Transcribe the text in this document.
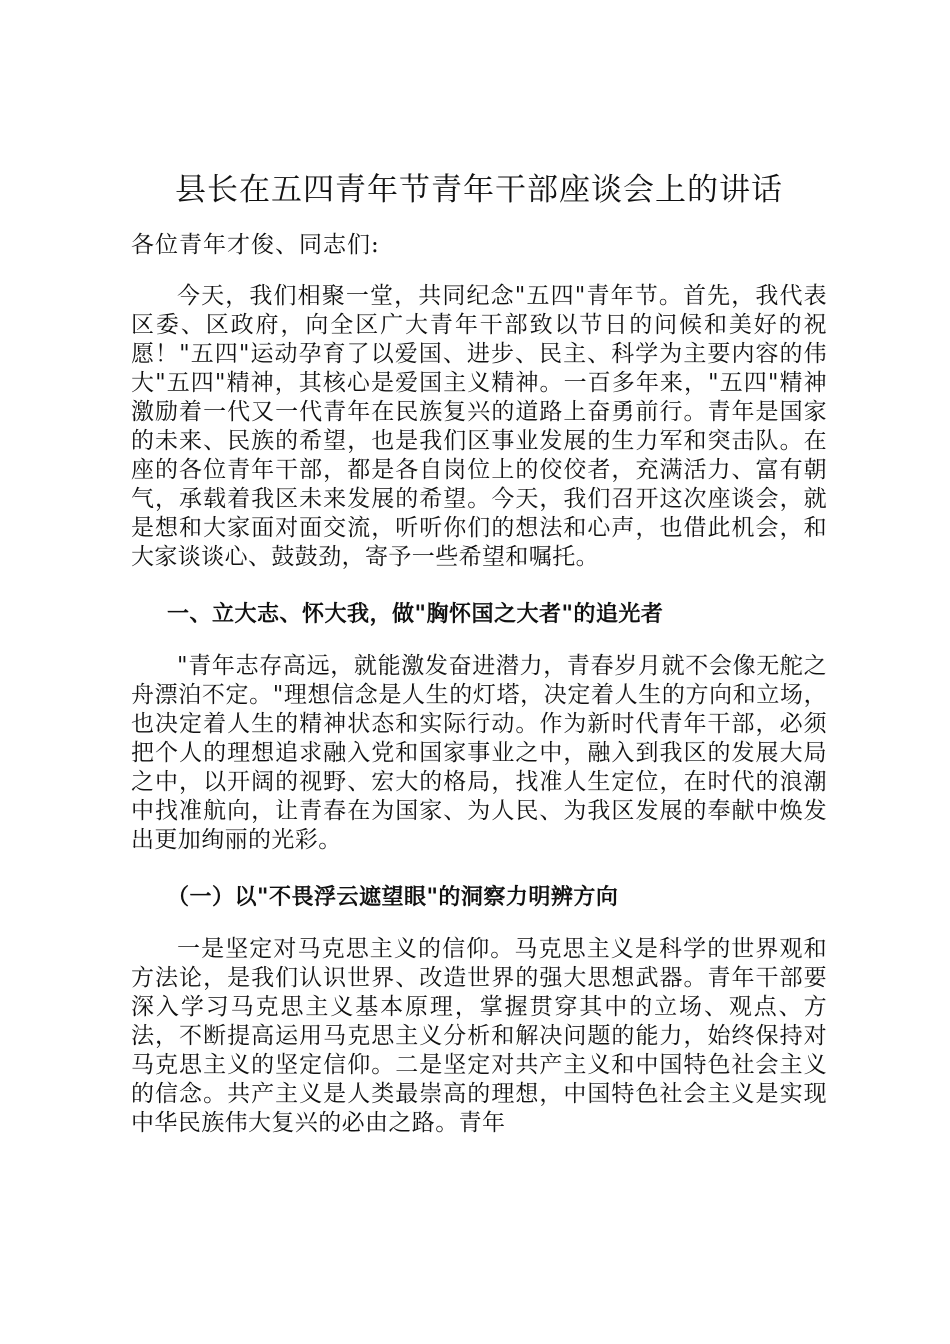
县长在五四青年节青年干部座谈会上的讲话

各位青年才俊、同志们:

今天，我们相聚一堂，共同纪念"五四"青年节。首先，我代表区委、区政府，向全区广大青年干部致以节日的问候和美好的祝愿！"五四"运动孕育了以爱国、进步、民主、科学为主要内容的伟大"五四"精神，其核心是爱国主义精神。一百多年来，"五四"精神激励着一代又一代青年在民族复兴的道路上奋勇前行。青年是国家的未来、民族的希望，也是我们区事业发展的生力军和突击队。在座的各位青年干部，都是各自岗位上的佼佼者，充满活力、富有朝气，承载着我区未来发展的希望。今天，我们召开这次座谈会，就是想和大家面对面交流，听听你们的想法和心声，也借此机会，和大家谈谈心、鼓鼓劲，寄予一些希望和嘱托。

一、立大志、怀大我，做"胸怀国之大者"的追光者

"青年志存高远，就能激发奋进潜力，青春岁月就不会像无舵之舟漂泊不定。"理想信念是人生的灯塔，决定着人生的方向和立场，也决定着人生的精神状态和实际行动。作为新时代青年干部，必须把个人的理想追求融入党和国家事业之中，融入到我区的发展大局之中，以开阔的视野、宏大的格局，找准人生定位，在时代的浪潮中找准航向，让青春在为国家、为人民、为我区发展的奉献中焕发出更加绚丽的光彩。

（一）以"不畏浮云遮望眼"的洞察力明辨方向

一是坚定对马克思主义的信仰。马克思主义是科学的世界观和方法论，是我们认识世界、改造世界的强大思想武器。青年干部要深入学习马克思主义基本原理，掌握贯穿其中的立场、观点、方法，不断提高运用马克思主义分析和解决问题的能力，始终保持对马克思主义的坚定信仰。二是坚定对共产主义和中国特色社会主义的信念。共产主义是人类最崇高的理想，中国特色社会主义是实现中华民族伟大复兴的必由之路。青年
